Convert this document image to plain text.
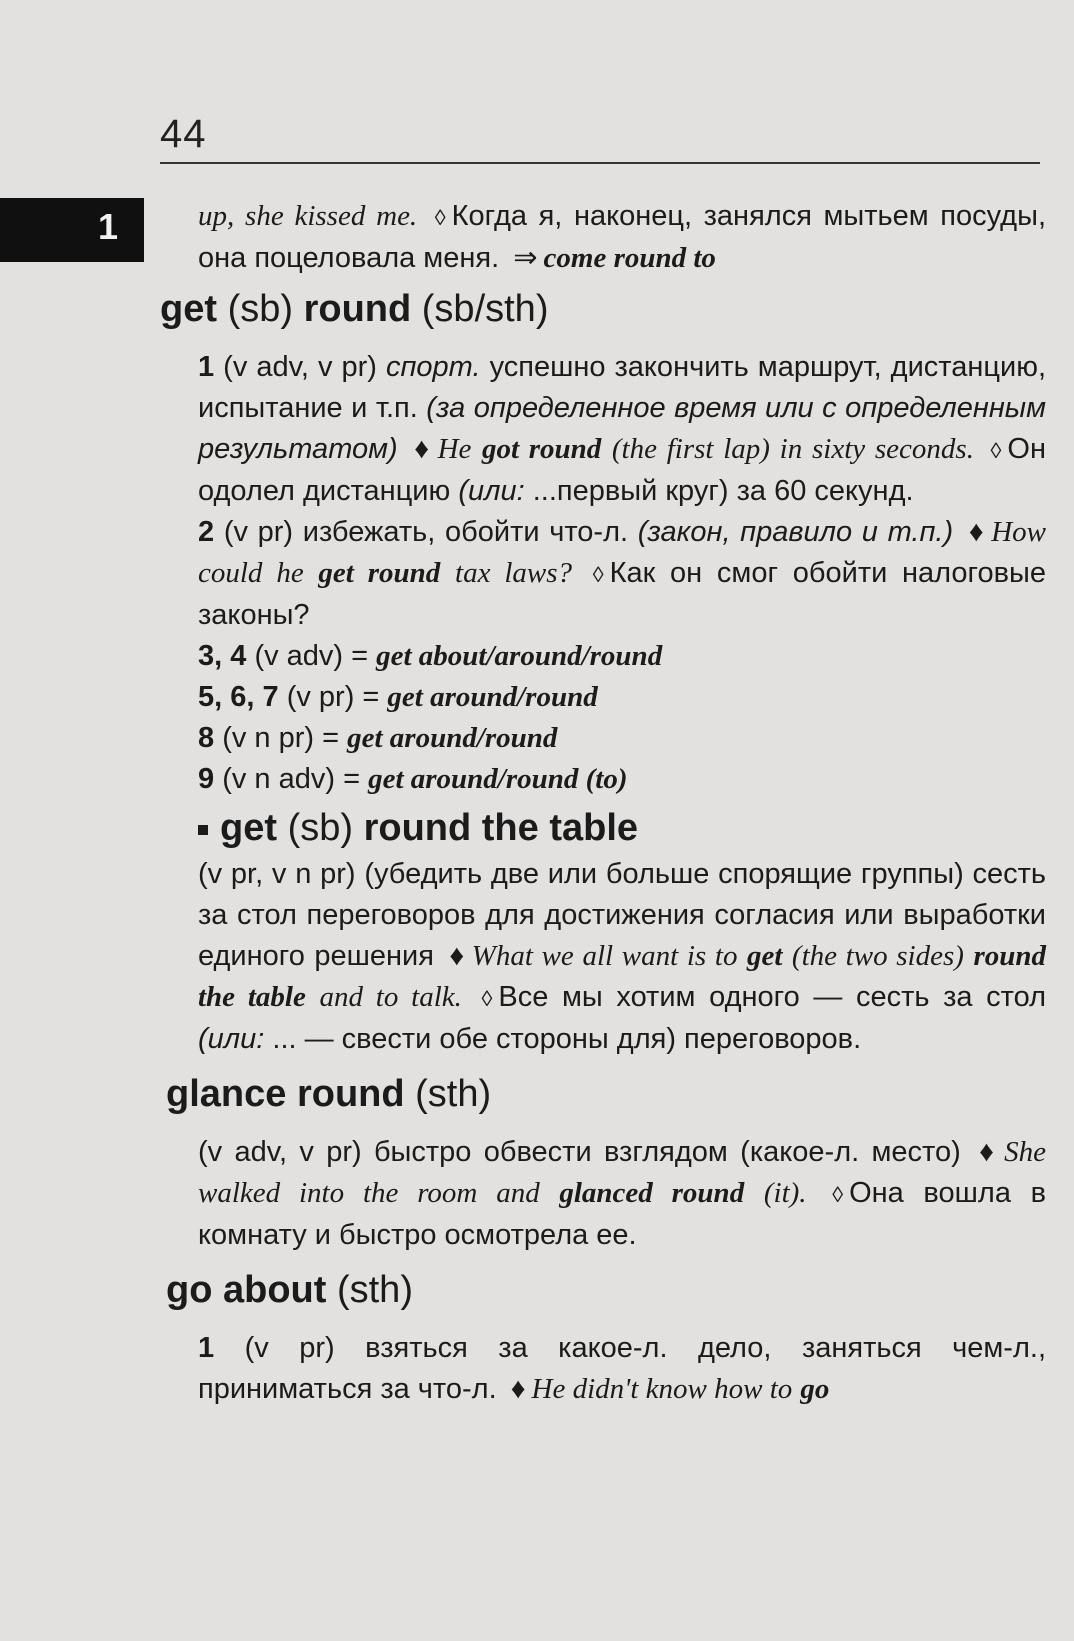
44
1	up, she kissed me. ◊ Когда я, наконец, занялся мытьем посуды, она поцеловала меня. ⇒ come round to

get (sb) round (sb/sth)

1 (v adv, v pr) спорт. успешно закончить маршрут, дистанцию, испытание и т.п. (за определенное время или с определенным результатом) ♦ He got round (the first lap) in sixty seconds. ◊ Он одолел дистанцию (или: ...первый круг) за 60 секунд.

2 (v pr) избежать, обойти что-л. (закон, правило и т.п.) ♦ How could he get round tax laws? ◊ Как он смог обойти налоговые законы?

3, 4 (v adv) = get about/around/round

5, 6, 7 (v pr) = get around/round

8 (v n pr) = get around/round

9 (v n adv) = get around/round (to)

get (sb) round the table

(v pr, v n pr) (убедить две или больше спорящие группы) сесть за стол переговоров для достижения согласия или выработки единого решения ♦ What we all want is to get (the two sides) round the table and to talk. ◊ Все мы хотим одного — сесть за стол (или: ... — свести обе стороны для) переговоров.

glance round (sth)

(v adv, v pr) быстро обвести взглядом (какое-л. место) ♦ She walked into the room and glanced round (it). ◊ Она вошла в комнату и быстро осмотрела ее.

go about (sth)

1 (v pr) взяться за какое-л. дело, заняться чем-л., приниматься за что-л. ♦ He didn't know how to go
